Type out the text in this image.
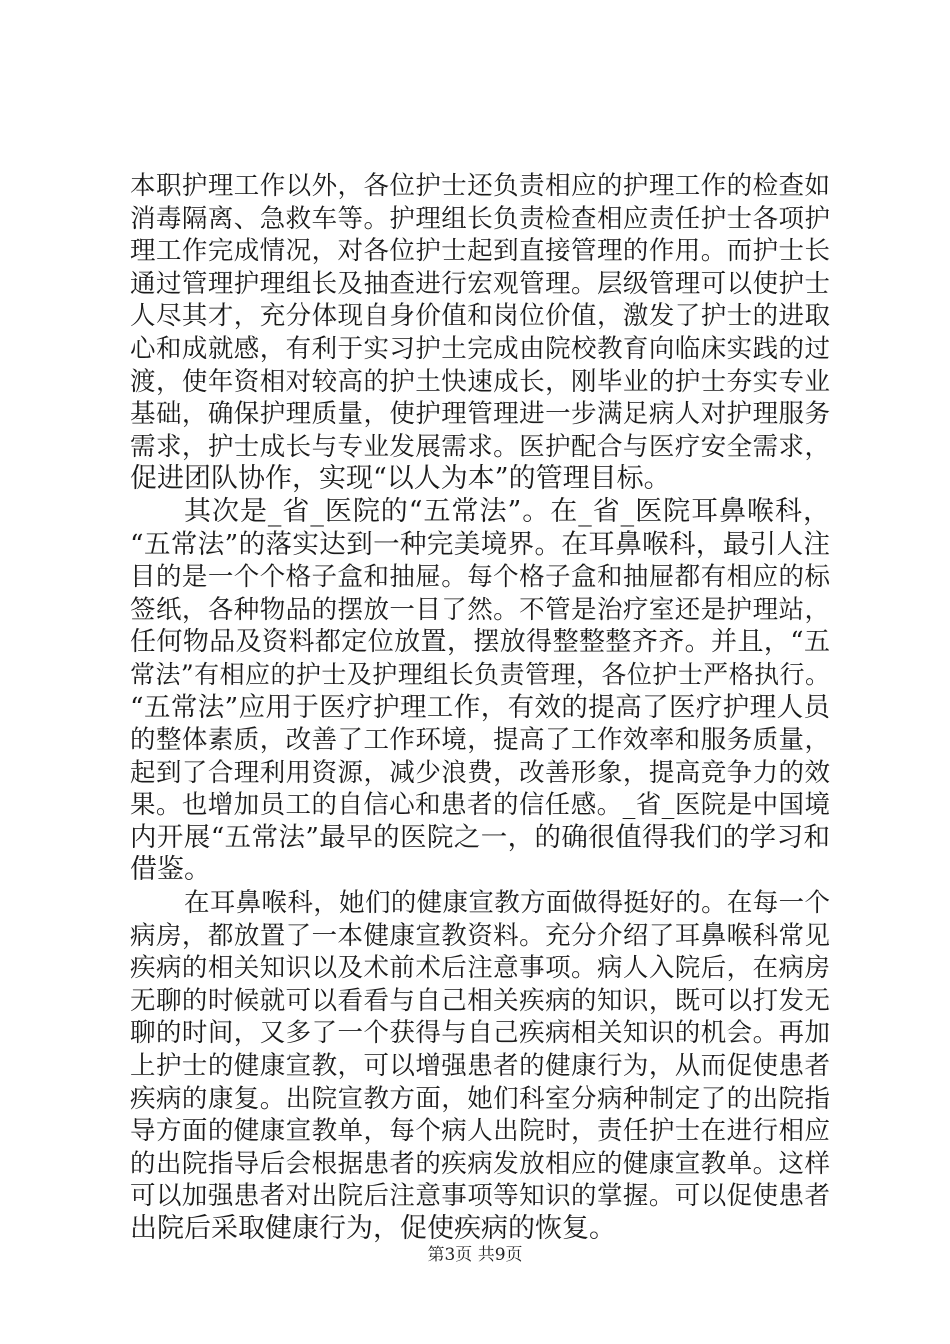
本职护理工作以外，各位护士还负责相应的护理工作的检查如
消毒隔离、急救车等。护理组长负责检查相应责任护士各项护
理工作完成情况，对各位护士起到直接管理的作用。而护士长
通过管理护理组长及抽查进行宏观管理。层级管理可以使护士
人尽其才，充分体现自身价值和岗位价值，激发了护士的进取
心和成就感，有利于实习护土完成由院校教育向临床实践的过
渡，使年资相对较高的护土快速成长，刚毕业的护士夯实专业
基础，确保护理质量，使护理管理进一步满足病人对护理服务
需求，护士成长与专业发展需求。医护配合与医疗安全需求，
促进团队协作，实现“以人为本”的管理目标。
其次是_省_医院的“五常法”。在_省_医院耳鼻喉科，
“五常法”的落实达到一种完美境界。在耳鼻喉科，最引人注
目的是一个个格子盒和抽屉。每个格子盒和抽屉都有相应的标
签纸，各种物品的摆放一目了然。不管是治疗室还是护理站，
任何物品及资料都定位放置，摆放得整整整齐齐。并且，“五
常法”有相应的护士及护理组长负责管理，各位护士严格执行。
“五常法”应用于医疗护理工作，有效的提高了医疗护理人员
的整体素质，改善了工作环境，提高了工作效率和服务质量，
起到了合理利用资源，减少浪费，改善形象，提高竞争力的效
果。也增加员工的自信心和患者的信任感。_省_医院是中国境
内开展“五常法”最早的医院之一，的确很值得我们的学习和
借鉴。
在耳鼻喉科，她们的健康宣教方面做得挺好的。在每一个
病房，都放置了一本健康宣教资料。充分介绍了耳鼻喉科常见
疾病的相关知识以及术前术后注意事项。病人入院后，在病房
无聊的时候就可以看看与自己相关疾病的知识，既可以打发无
聊的时间，又多了一个获得与自己疾病相关知识的机会。再加
上护士的健康宣教，可以增强患者的健康行为，从而促使患者
疾病的康复。出院宣教方面，她们科室分病种制定了的出院指
导方面的健康宣教单，每个病人出院时，责任护士在进行相应
的出院指导后会根据患者的疾病发放相应的健康宣教单。这样
可以加强患者对出院后注意事项等知识的掌握。可以促使患者
出院后采取健康行为，促使疾病的恢复。
第3页 共9页
